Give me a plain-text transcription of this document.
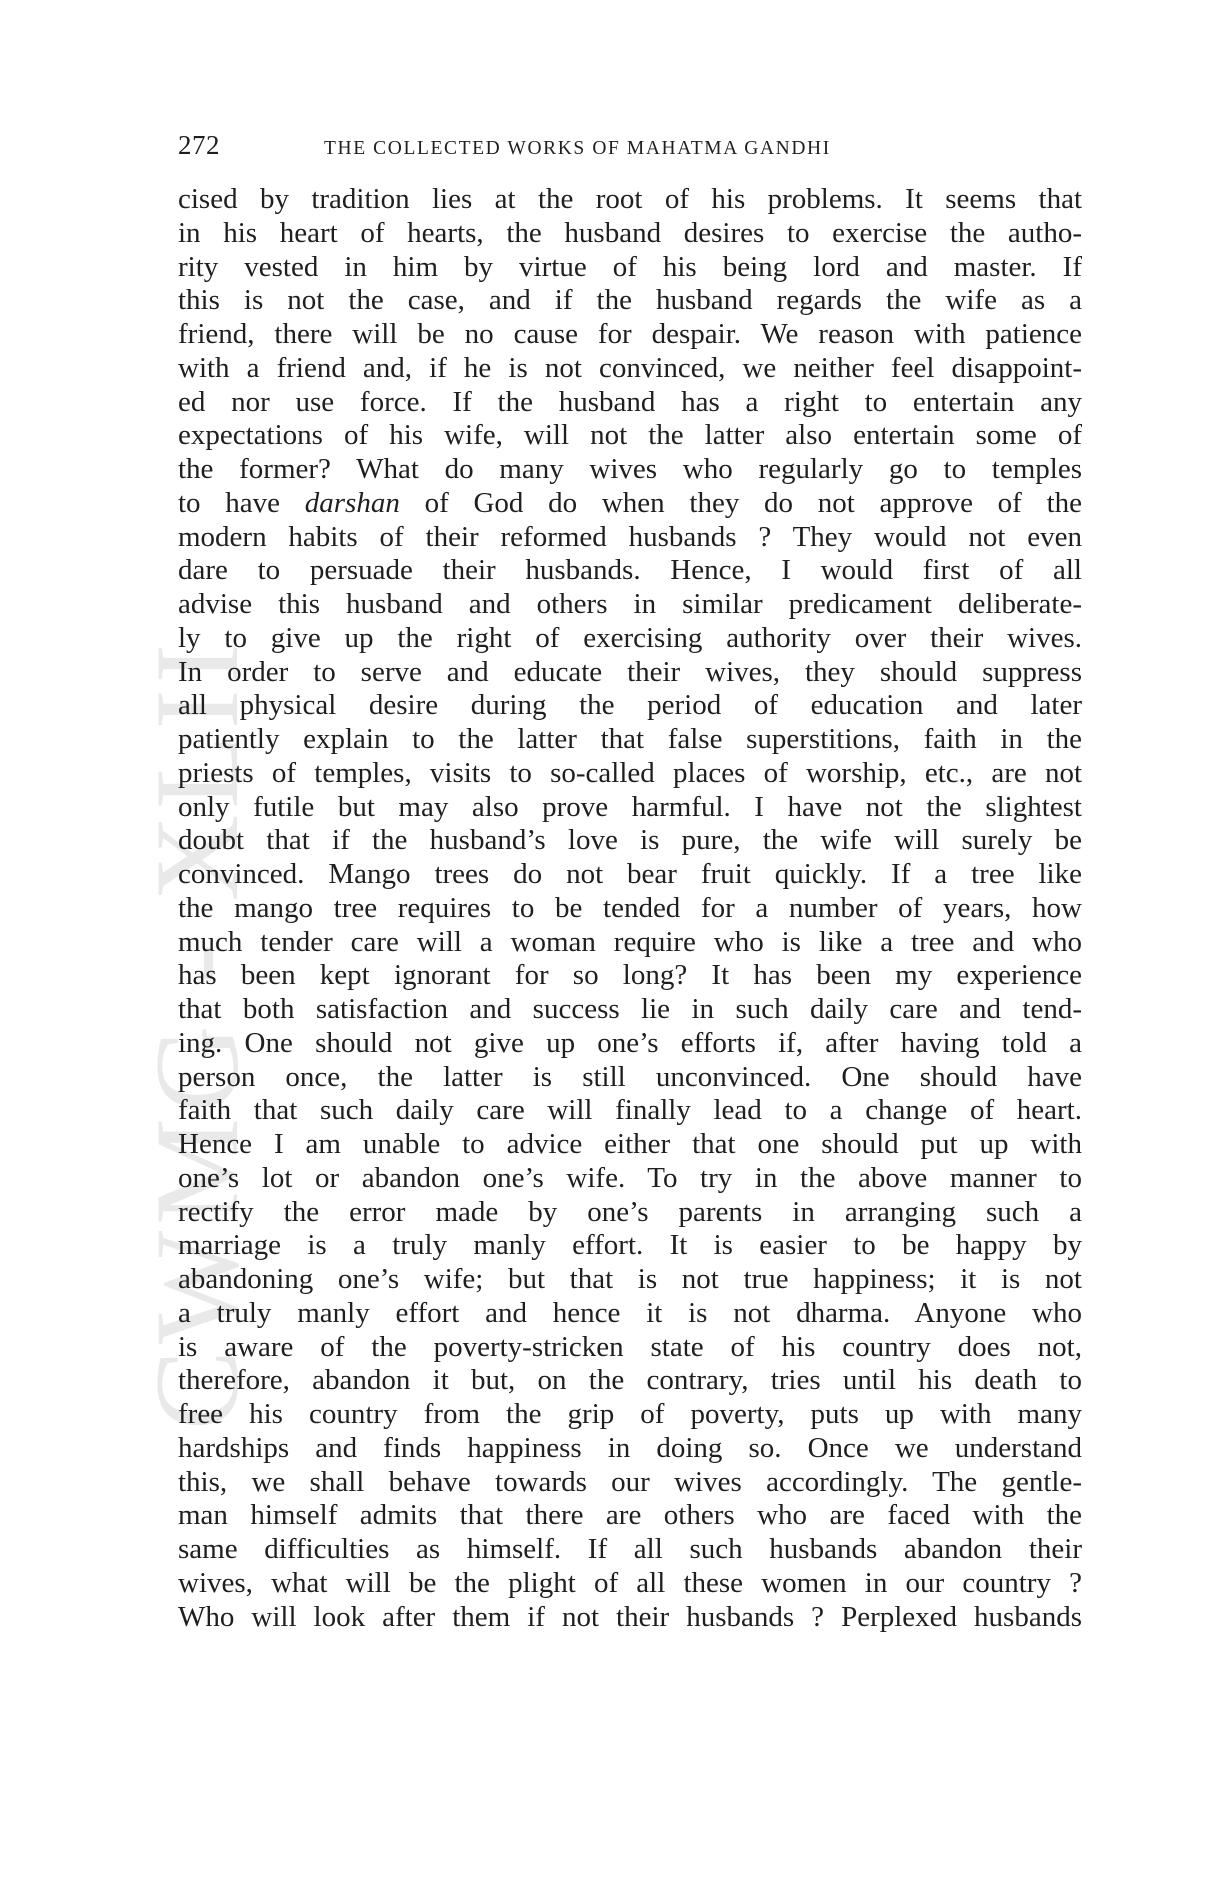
CWMG - XLII
272	THE COLLECTED WORKS OF MAHATMA GANDHI
cised by tradition lies at the root of his problems. It seems that
in his heart of hearts, the husband desires to exercise the autho-
rity vested in him by virtue of his being lord and master. If
this is not the case, and if the husband regards the wife as a
friend, there will be no cause for despair. We reason with patience
with a friend and, if he is not convinced, we neither feel disappoint-
ed nor use force. If the husband has a right to entertain any
expectations of his wife, will not the latter also entertain some of
the former? What do many wives who regularly go to temples
to have darshan of God do when they do not approve of the
modern habits of their reformed husbands ? They would not even
dare to persuade their husbands. Hence, I would first of all
advise this husband and others in similar predicament deliberate-
ly to give up the right of exercising authority over their wives.
In order to serve and educate their wives, they should suppress
all physical desire during the period of education and later
patiently explain to the latter that false superstitions, faith in the
priests of temples, visits to so-called places of worship, etc., are not
only futile but may also prove harmful. I have not the slightest
doubt that if the husband’s love is pure, the wife will surely be
convinced. Mango trees do not bear fruit quickly. If a tree like
the mango tree requires to be tended for a number of years, how
much tender care will a woman require who is like a tree and who
has been kept ignorant for so long? It has been my experience
that both satisfaction and success lie in such daily care and tend-
ing. One should not give up one’s efforts if, after having told a
person once, the latter is still unconvinced. One should have
faith that such daily care will finally lead to a change of heart.
Hence I am unable to advice either that one should put up with
one’s lot or abandon one’s wife. To try in the above manner to
rectify the error made by one’s parents in arranging such a
marriage is a truly manly effort. It is easier to be happy by
abandoning one’s wife; but that is not true happiness; it is not
a truly manly effort and hence it is not dharma. Anyone who
is aware of the poverty-stricken state of his country does not,
therefore, abandon it but, on the contrary, tries until his death to
free his country from the grip of poverty, puts up with many
hardships and finds happiness in doing so. Once we understand
this, we shall behave towards our wives accordingly. The gentle-
man himself admits that there are others who are faced with the
same difficulties as himself. If all such husbands abandon their
wives, what will be the plight of all these women in our country ?
Who will look after them if not their husbands ? Perplexed husbands
